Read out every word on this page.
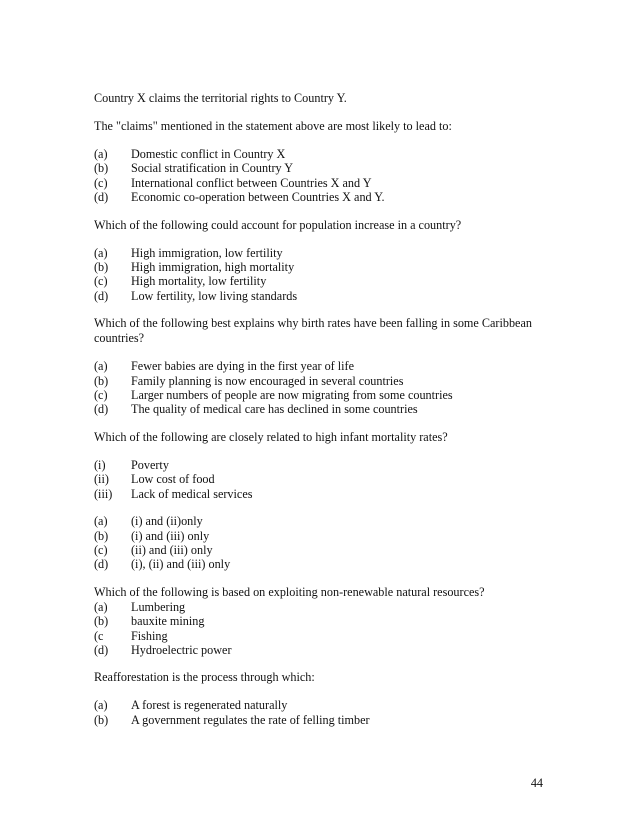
Country X claims the territorial rights to Country Y.

The "claims" mentioned in the statement above are most likely to lead to:

(a)	Domestic conflict in Country X
(b)	Social stratification in Country Y
(c)	International conflict between Countries X and Y
(d)	Economic co-operation between Countries X and Y.

Which of the following could account for population increase in a country?

(a)	High immigration, low fertility
(b)	High immigration, high mortality
(c)	High mortality, low fertility
(d)	Low fertility, low living standards

Which of the following best explains why birth rates have been falling in some Caribbean

countries?

(a)	Fewer babies are dying in the first year of life
(b)	Family planning is now encouraged in several countries
(c)	Larger numbers of people are now migrating from some countries
(d)	The quality of medical care has declined in some countries

Which of the following are closely related to high infant mortality rates?

(i)	Poverty
(ii)	Low cost of food
(iii)	Lack of medical services
(a)	(i) and (ii)only
(b)	(i) and (iii) only
(c)	(ii) and (iii) only
(d)	(i), (ii) and (iii) only

Which of the following is based on exploiting non-renewable natural resources?

(a)	Lumbering
(b)	bauxite mining
(c	Fishing
(d)	Hydroelectric power

Reafforestation is the process through which:

(a)	A forest is regenerated naturally
(b)	A government regulates the rate of felling timber
44
